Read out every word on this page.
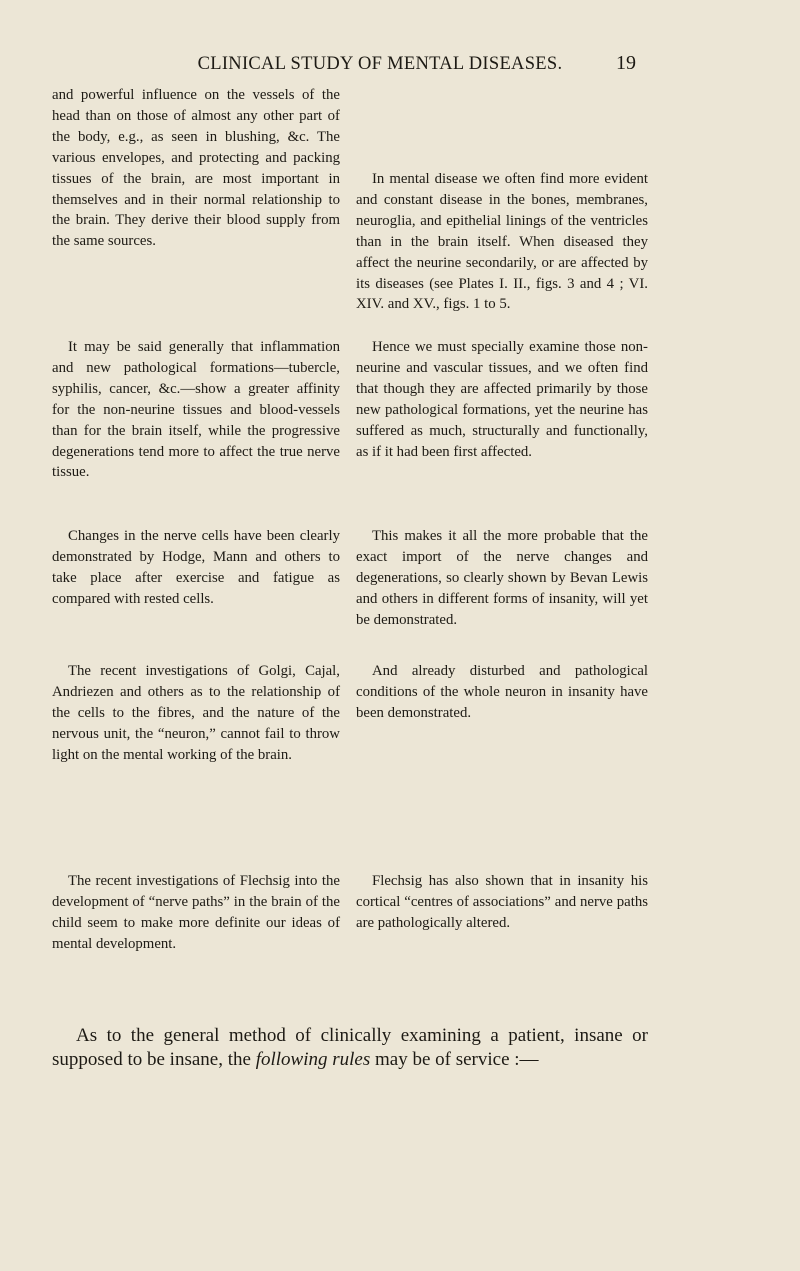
CLINICAL STUDY OF MENTAL DISEASES.	19

and powerful influence on the vessels of the head than on those of almost any other part of the body, e.g., as seen in blushing, &c. The various envelopes, and protecting and packing tissues of the brain, are most important in themselves and in their normal relationship to the brain. They derive their blood supply from the same sources.

It may be said generally that inflammation and new pathological formations—tubercle, syphilis, cancer, &c.—show a greater affinity for the non-neurine tissues and blood-vessels than for the brain itself, while the progressive degenerations tend more to affect the true nerve tissue.

Changes in the nerve cells have been clearly demonstrated by Hodge, Mann and others to take place after exercise and fatigue as compared with rested cells.

The recent investigations of Golgi, Cajal, Andriezen and others as to the relationship of the cells to the fibres, and the nature of the nervous unit, the “neuron,” cannot fail to throw light on the mental working of the brain.

The recent investigations of Flechsig into the development of “nerve paths” in the brain of the child seem to make more definite our ideas of mental development.

In mental disease we often find more evident and constant disease in the bones, membranes, neuroglia, and epithelial linings of the ventricles than in the brain itself. When diseased they affect the neurine secondarily, or are affected by its diseases (see Plates I. II., figs. 3 and 4 ; VI. XIV. and XV., figs. 1 to 5.

Hence we must specially examine those non-neurine and vascular tissues, and we often find that though they are affected primarily by those new pathological formations, yet the neurine has suffered as much, structurally and functionally, as if it had been first affected.

This makes it all the more probable that the exact import of the nerve changes and degenerations, so clearly shown by Bevan Lewis and others in different forms of insanity, will yet be demonstrated.

And already disturbed and pathological conditions of the whole neuron in insanity have been demonstrated.

Flechsig has also shown that in insanity his cortical “centres of associations” and nerve paths are pathologically altered.

As to the general method of clinically examining a patient, insane or supposed to be insane, the following rules may be of service :—
